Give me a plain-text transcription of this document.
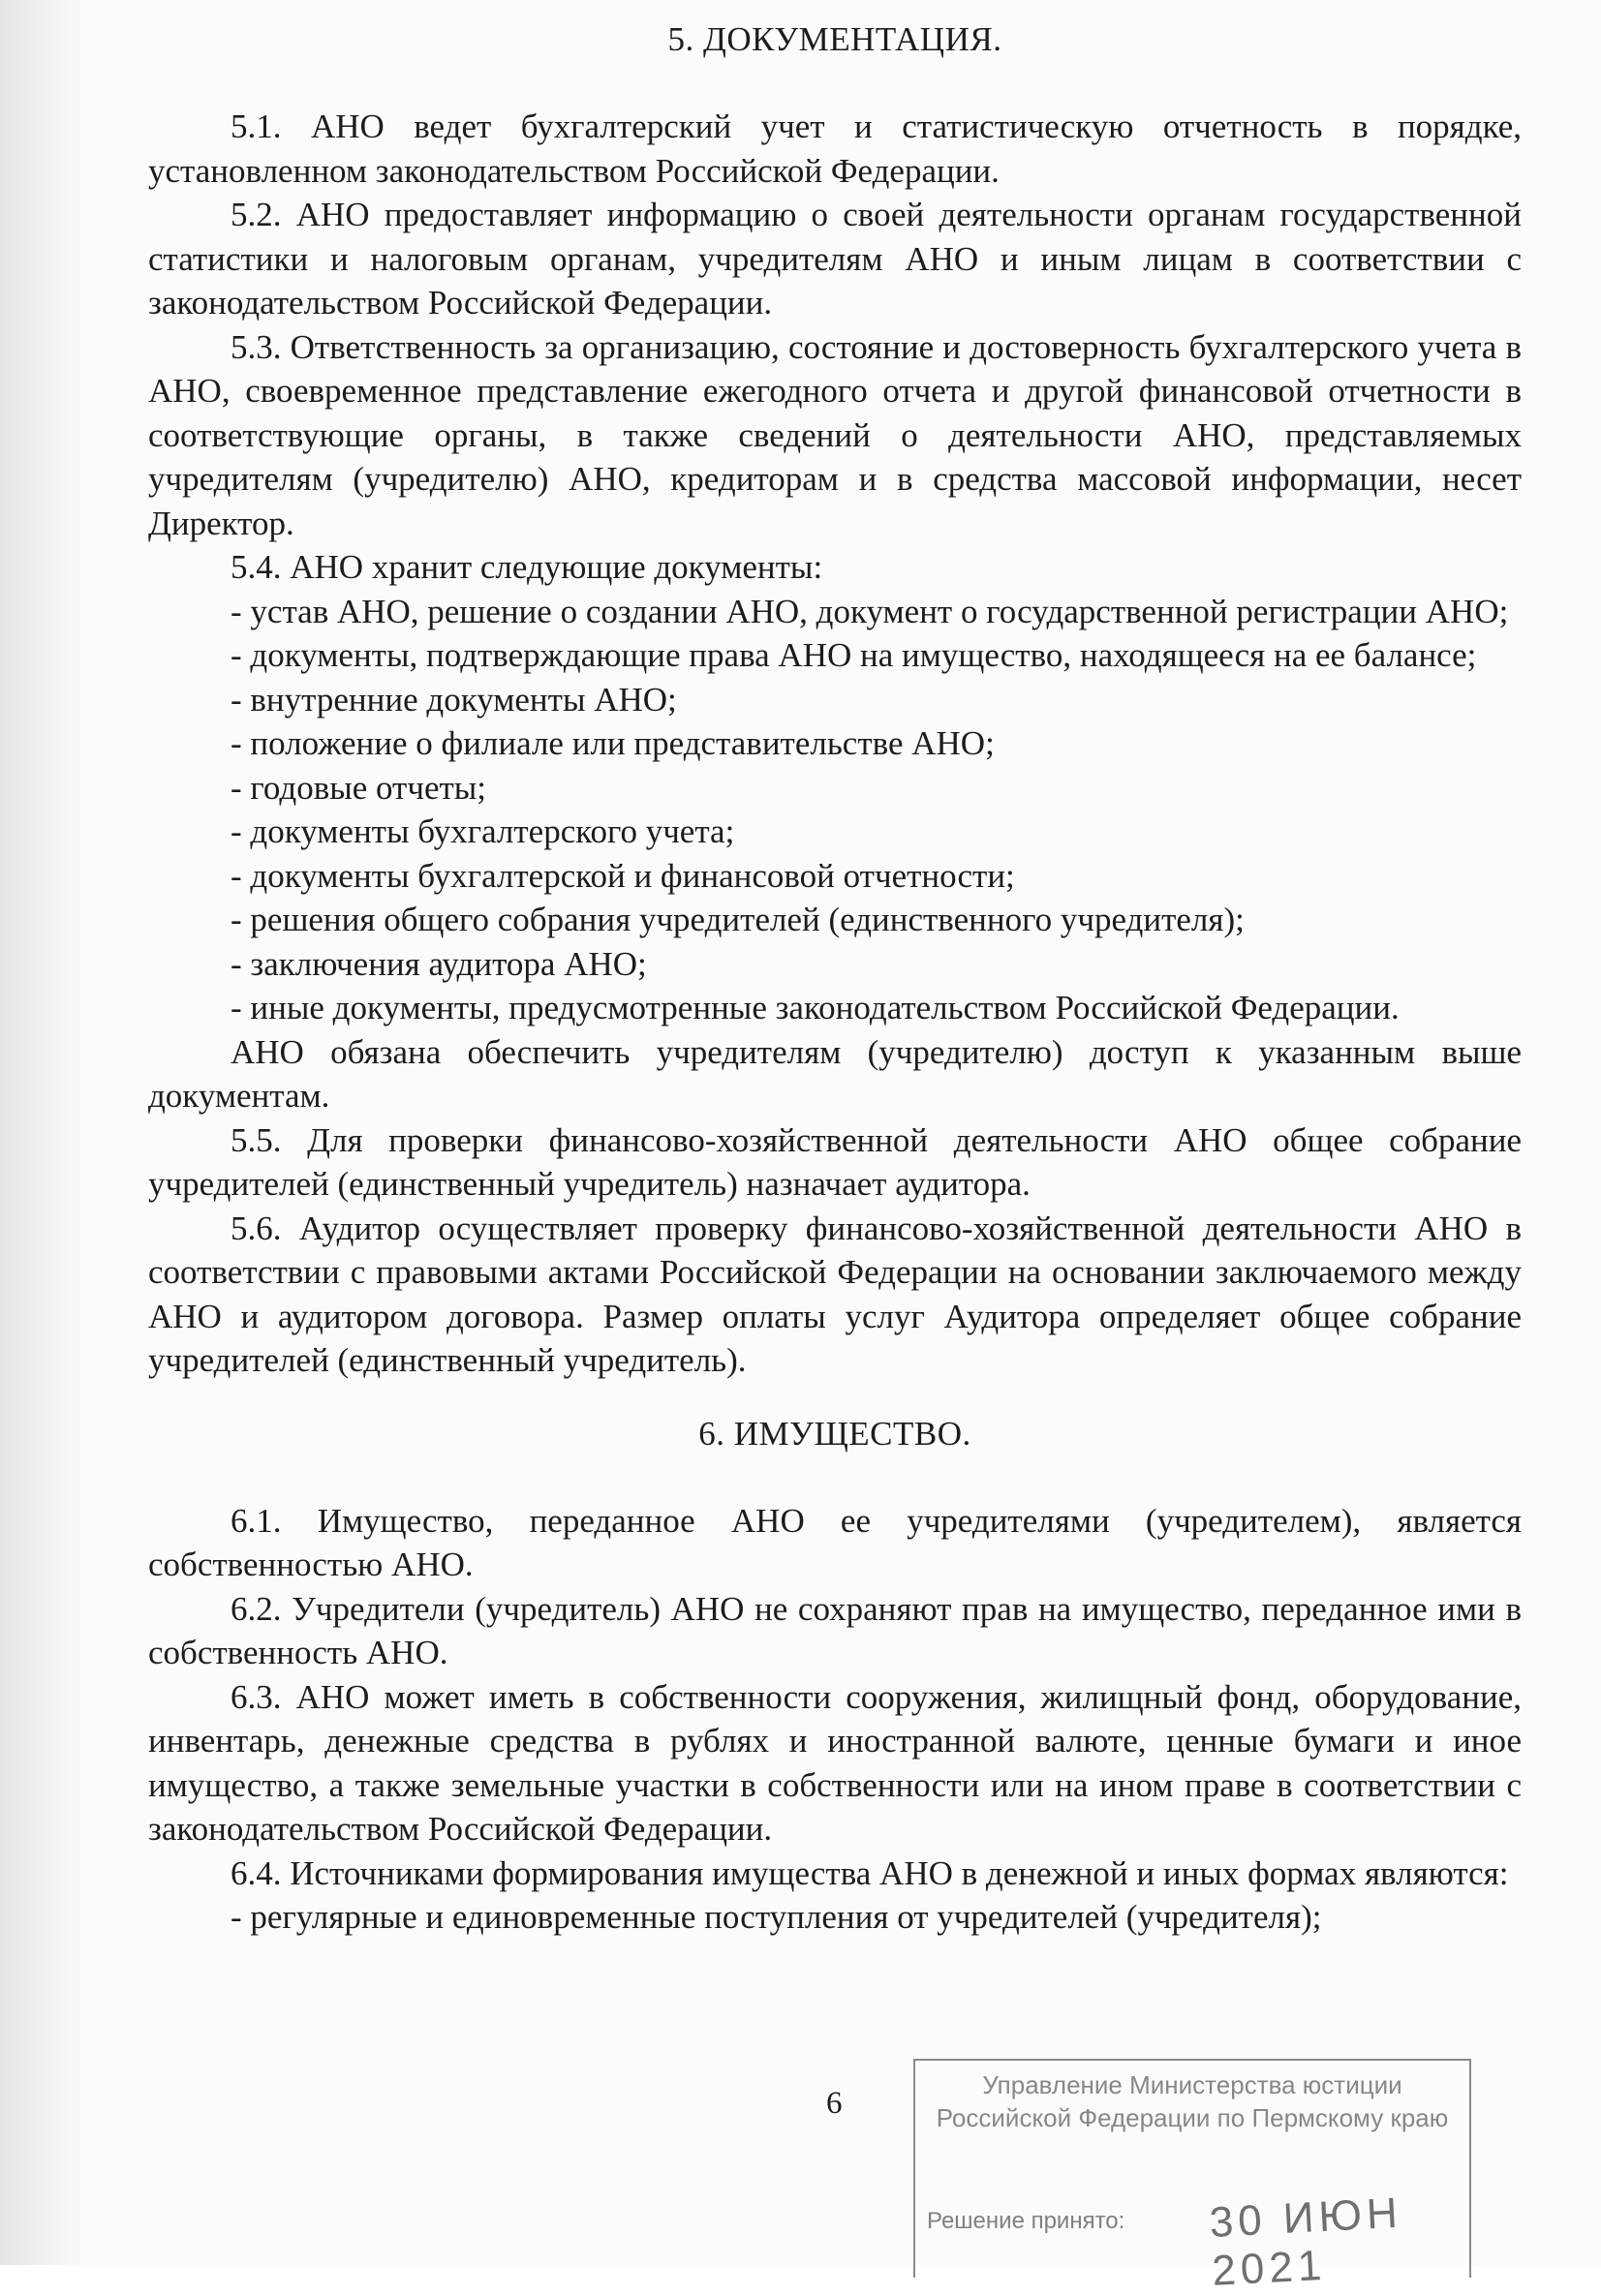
5. ДОКУМЕНТАЦИЯ.

5.1. АНО ведет бухгалтерский учет и статистическую отчетность в порядке, установленном законодательством Российской Федерации.

5.2. АНО предоставляет информацию о своей деятельности органам государственной статистики и налоговым органам, учредителям АНО и иным лицам в соответствии с законодательством Российской Федерации.

5.3. Ответственность за организацию, состояние и достоверность бухгалтерского учета в АНО, своевременное представление ежегодного отчета и другой финансовой отчетности в соответствующие органы, в также сведений о деятельности АНО, представляемых учредителям (учредителю) АНО, кредиторам и в средства массовой информации, несет Директор.

5.4. АНО хранит следующие документы:

- устав АНО, решение о создании АНО, документ о государственной регистрации АНО;

- документы, подтверждающие права АНО на имущество, находящееся на ее балансе;

- внутренние документы АНО;

- положение о филиале или представительстве АНО;

- годовые отчеты;

- документы бухгалтерского учета;

- документы бухгалтерской и финансовой отчетности;

- решения общего собрания учредителей (единственного учредителя);

- заключения аудитора АНО;

- иные документы, предусмотренные законодательством Российской Федерации.

АНО обязана обеспечить учредителям (учредителю) доступ к указанным выше документам.

5.5. Для проверки финансово-хозяйственной деятельности АНО общее собрание учредителей (единственный учредитель) назначает аудитора.

5.6. Аудитор осуществляет проверку финансово-хозяйственной деятельности АНО в соответствии с правовыми актами Российской Федерации на основании заключаемого между АНО и аудитором договора. Размер оплаты услуг Аудитора определяет общее собрание учредителей (единственный учредитель).

6. ИМУЩЕСТВО.

6.1. Имущество, переданное АНО ее учредителями (учредителем), является собственностью АНО.

6.2. Учредители (учредитель) АНО не сохраняют прав на имущество, переданное ими в собственность АНО.

6.3. АНО может иметь в собственности сооружения, жилищный фонд, оборудование, инвентарь, денежные средства в рублях и иностранной валюте, ценные бумаги и иное имущество, а также земельные участки в собственности или на ином праве в соответствии с законодательством Российской Федерации.

6.4. Источниками формирования имущества АНО в денежной и иных формах являются:

- регулярные и единовременные поступления от учредителей (учредителя);

6
Управление Министерства юстиции Российской Федерации по Пермскому краю
Решение принято: 30 ИЮН 2021
